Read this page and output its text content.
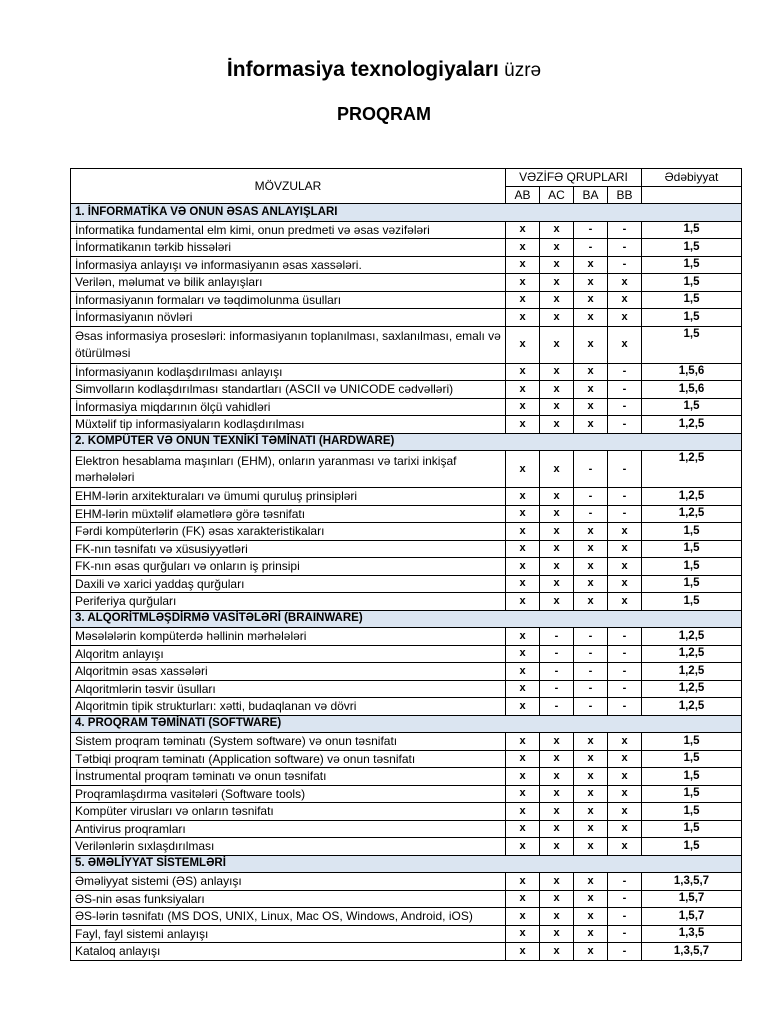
İnformasiya texnologiyaları üzrə
PROQRAM
MÖVZULAR	VƏZİFƏ QRUPLARI				Ədəbiyyat
	AB	AC	BA	BB	
1. İNFORMATİKA VƏ ONUN ƏSAS ANLAYIŞLARI					
İnformatika fundamental elm kimi, onun predmeti və əsas vəzifələri	x	x	-	-	1,5
İnformatikanın tərkib hissələri	x	x	-	-	1,5
İnformasiya anlayışı və informasiyanın əsas xassələri.	x	x	x	-	1,5
Verilən, məlumat və bilik anlayışları	x	x	x	x	1,5
İnformasiyanın formaları və təqdimolunma üsulları	x	x	x	x	1,5
İnformasiyanın növləri	x	x	x	x	1,5
Əsas informasiya prosesləri: informasiyanın toplanılması, saxlanılması, emalı və ötürülməsi	x	x	x	x	1,5
İnformasiyanın kodlaşdırılması anlayışı	x	x	x	-	1,5,6
Simvolların kodlaşdırılması standartları (ASCII və UNICODE cədvəlləri)	x	x	x	-	1,5,6
İnformasiya miqdarının ölçü vahidləri	x	x	x	-	1,5
Müxtəlif tip informasiyaların kodlaşdırılması	x	x	x	-	1,2,5
2. KOMPÜTER VƏ ONUN TEXNİKİ TƏMİNATI (HARDWARE)					
Elektron hesablama maşınları (EHM), onların yaranması və tarixi inkişaf mərhələləri	x	x	-	-	1,2,5
EHM-lərin arxitekturaları və ümumi quruluş prinsipləri	x	x	-	-	1,2,5
EHM-lərin müxtəlif əlamətlərə görə təsnifatı	x	x	-	-	1,2,5
Fərdi kompüterlərin (FK) əsas xarakteristikaları	x	x	x	x	1,5
FK-nın təsnifatı və xüsusiyyətləri	x	x	x	x	1,5
FK-nın əsas qurğuları və onların iş prinsipi	x	x	x	x	1,5
Daxili və xarici yaddaş qurğuları	x	x	x	x	1,5
Periferiya qurğuları	x	x	x	x	1,5
3. ALQORİTMLƏŞDİRMƏ VASİTƏLƏRİ (BRAINWARE)					
Məsələlərin kompüterdə həllinin mərhələləri	x	-	-	-	1,2,5
Alqoritm anlayışı	x	-	-	-	1,2,5
Alqoritmin əsas xassələri	x	-	-	-	1,2,5
Alqoritmlərin təsvir üsulları	x	-	-	-	1,2,5
Alqoritmin tipik strukturları: xətti, budaqlanan və dövri	x	-	-	-	1,2,5
4. PROQRAM TƏMİNATI (SOFTWARE)					
Sistem proqram təminatı (System software) və onun təsnifatı	x	x	x	x	1,5
Tətbiqi proqram təminatı (Application software) və onun təsnifatı	x	x	x	x	1,5
İnstrumental proqram təminatı və onun təsnifatı	x	x	x	x	1,5
Proqramlaşdırma vasitələri (Software tools)	x	x	x	x	1,5
Kompüter virusları və onların təsnifatı	x	x	x	x	1,5
Antivirus proqramları	x	x	x	x	1,5
Verilənlərin sıxlaşdırılması	x	x	x	x	1,5
5. ƏMƏLİYYAT SİSTEMLƏRİ					
Əməliyyat sistemi (ƏS) anlayışı	x	x	x	-	1,3,5,7
ƏS-nin əsas funksiyaları	x	x	x	-	1,5,7
ƏS-lərin təsnifatı (MS DOS, UNIX, Linux, Mac OS, Windows, Android, iOS)	x	x	x	-	1,5,7
Fayl, fayl sistemi anlayışı	x	x	x	-	1,3,5
Kataloq anlayışı	x	x	x	-	1,3,5,7
